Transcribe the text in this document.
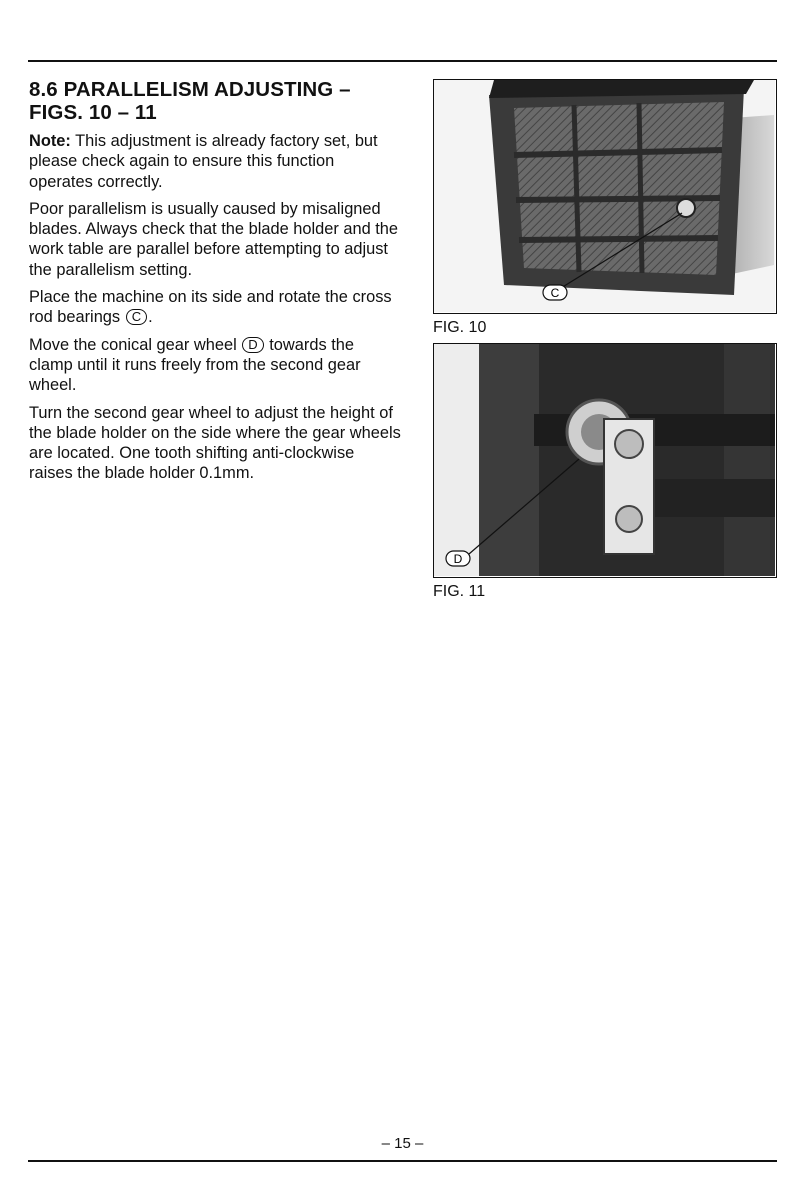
8.6 PARALLELISM ADJUSTING –
FIGS. 10 – 11

Note: This adjustment is already factory set, but please check again to ensure this function operates correctly.

Poor parallelism is usually caused by misaligned blades. Always check that the blade holder and the work table are parallel before attempting to adjust the parallelism setting.

Place the machine on its side and rotate the cross rod bearings C .

Move the conical gear wheel D towards the clamp until it runs freely from the second gear wheel.

Turn the second gear wheel to adjust the height of the blade holder on the side where the gear wheels are located. One tooth shifting anti-clockwise raises the blade holder 0.1mm.

C
FIG. 10
D
FIG. 11
– 15 –
